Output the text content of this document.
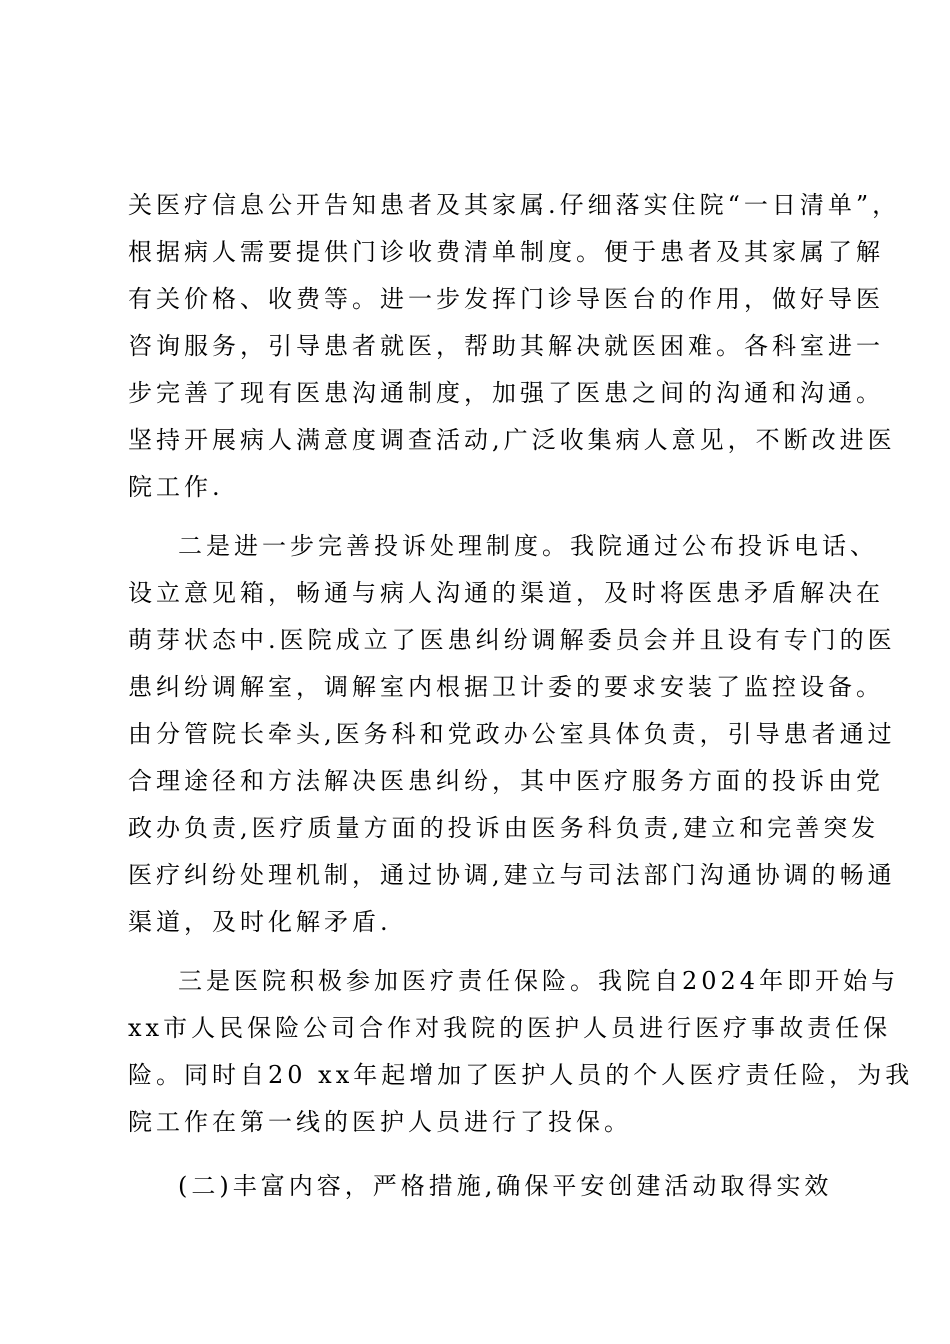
关医疗信息公开告知患者及其家属.仔细落实住院“一日清单”，
根据病人需要提供门诊收费清单制度。便于患者及其家属了解
有关价格、收费等。进一步发挥门诊导医台的作用，做好导医
咨询服务，引导患者就医，帮助其解决就医困难。各科室进一
步完善了现有医患沟通制度，加强了医患之间的沟通和沟通。
坚持开展病人满意度调查活动,广泛收集病人意见，不断改进医
院工作.
二是进一步完善投诉处理制度。我院通过公布投诉电话、
设立意见箱，畅通与病人沟通的渠道，及时将医患矛盾解决在
萌芽状态中.医院成立了医患纠纷调解委员会并且设有专门的医
患纠纷调解室，调解室内根据卫计委的要求安装了监控设备。
由分管院长牵头,医务科和党政办公室具体负责，引导患者通过
合理途径和方法解决医患纠纷，其中医疗服务方面的投诉由党
政办负责,医疗质量方面的投诉由医务科负责,建立和完善突发
医疗纠纷处理机制，通过协调,建立与司法部门沟通协调的畅通
渠道，及时化解矛盾.
三是医院积极参加医疗责任保险。我院自2024年即开始与
xx市人民保险公司合作对我院的医护人员进行医疗事故责任保
险。同时自20 xx年起增加了医护人员的个人医疗责任险，为我
院工作在第一线的医护人员进行了投保。
(二)丰富内容，严格措施,确保平安创建活动取得实效
